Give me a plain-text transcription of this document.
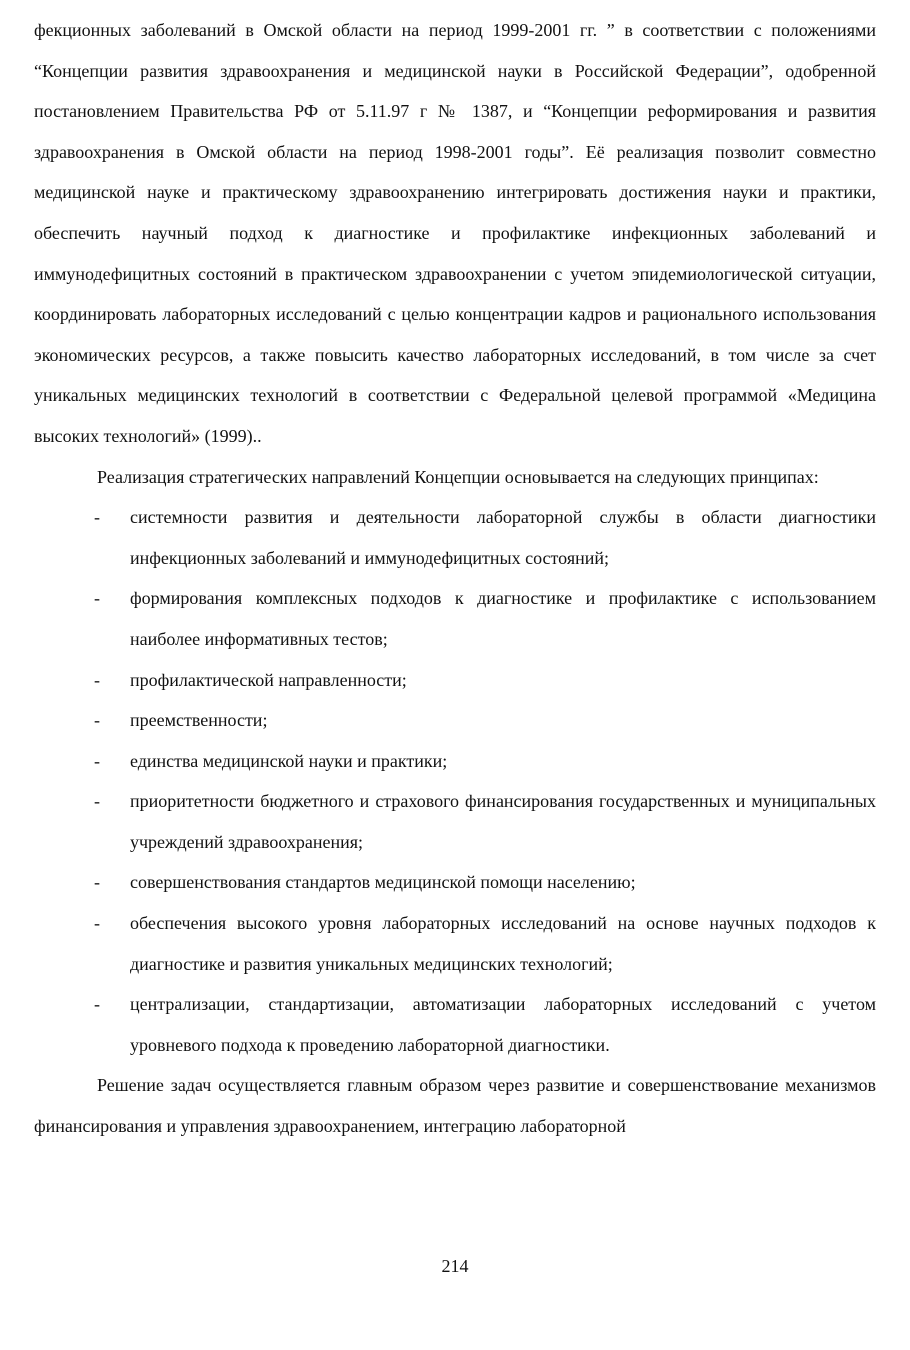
фекционных заболеваний в Омской области на период 1999-2001 гг. ” в соответствии с положениями “Концепции развития здравоохранения и медицинской науки в Российской Федерации”, одобренной постановлением Правительства РФ от 5.11.97 г № 1387, и “Концепции реформирования и развития здравоохранения в Омской области на период 1998-2001 годы”. Её реализация позволит совместно медицинской науке и практическому здравоохранению интегрировать достижения науки и практики, обеспечить научный подход к диагностике и профилактике инфекционных заболеваний и иммунодефицитных состояний в практическом здравоохранении с учетом эпидемиологической ситуации, координировать лабораторных исследований с целью концентрации кадров и рационального использования экономических ресурсов, а также повысить качество лабораторных исследований, в том числе за счет уникальных медицинских технологий в соответствии с Федеральной целевой программой «Медицина высоких технологий» (1999)..

Реализация стратегических направлений Концепции основывается на следующих принципах:

- системности развития и деятельности лабораторной службы в области диагностики инфекционных заболеваний и иммунодефицитных состояний;
- формирования комплексных подходов к диагностике и профилактике с использованием наиболее информативных тестов;
- профилактической направленности;
- преемственности;
- единства медицинской науки и практики;
- приоритетности бюджетного и страхового финансирования государственных и муниципальных учреждений здравоохранения;
- совершенствования стандартов медицинской помощи населению;
- обеспечения высокого уровня лабораторных исследований на основе научных подходов к диагностике и развития уникальных медицинских технологий;
- централизации, стандартизации, автоматизации лабораторных исследований с учетом уровневого подхода к проведению лабораторной диагностики.

Решение задач осуществляется главным образом через развитие и совершенствование механизмов финансирования и управления здравоохранением, интеграцию лабораторной

214
